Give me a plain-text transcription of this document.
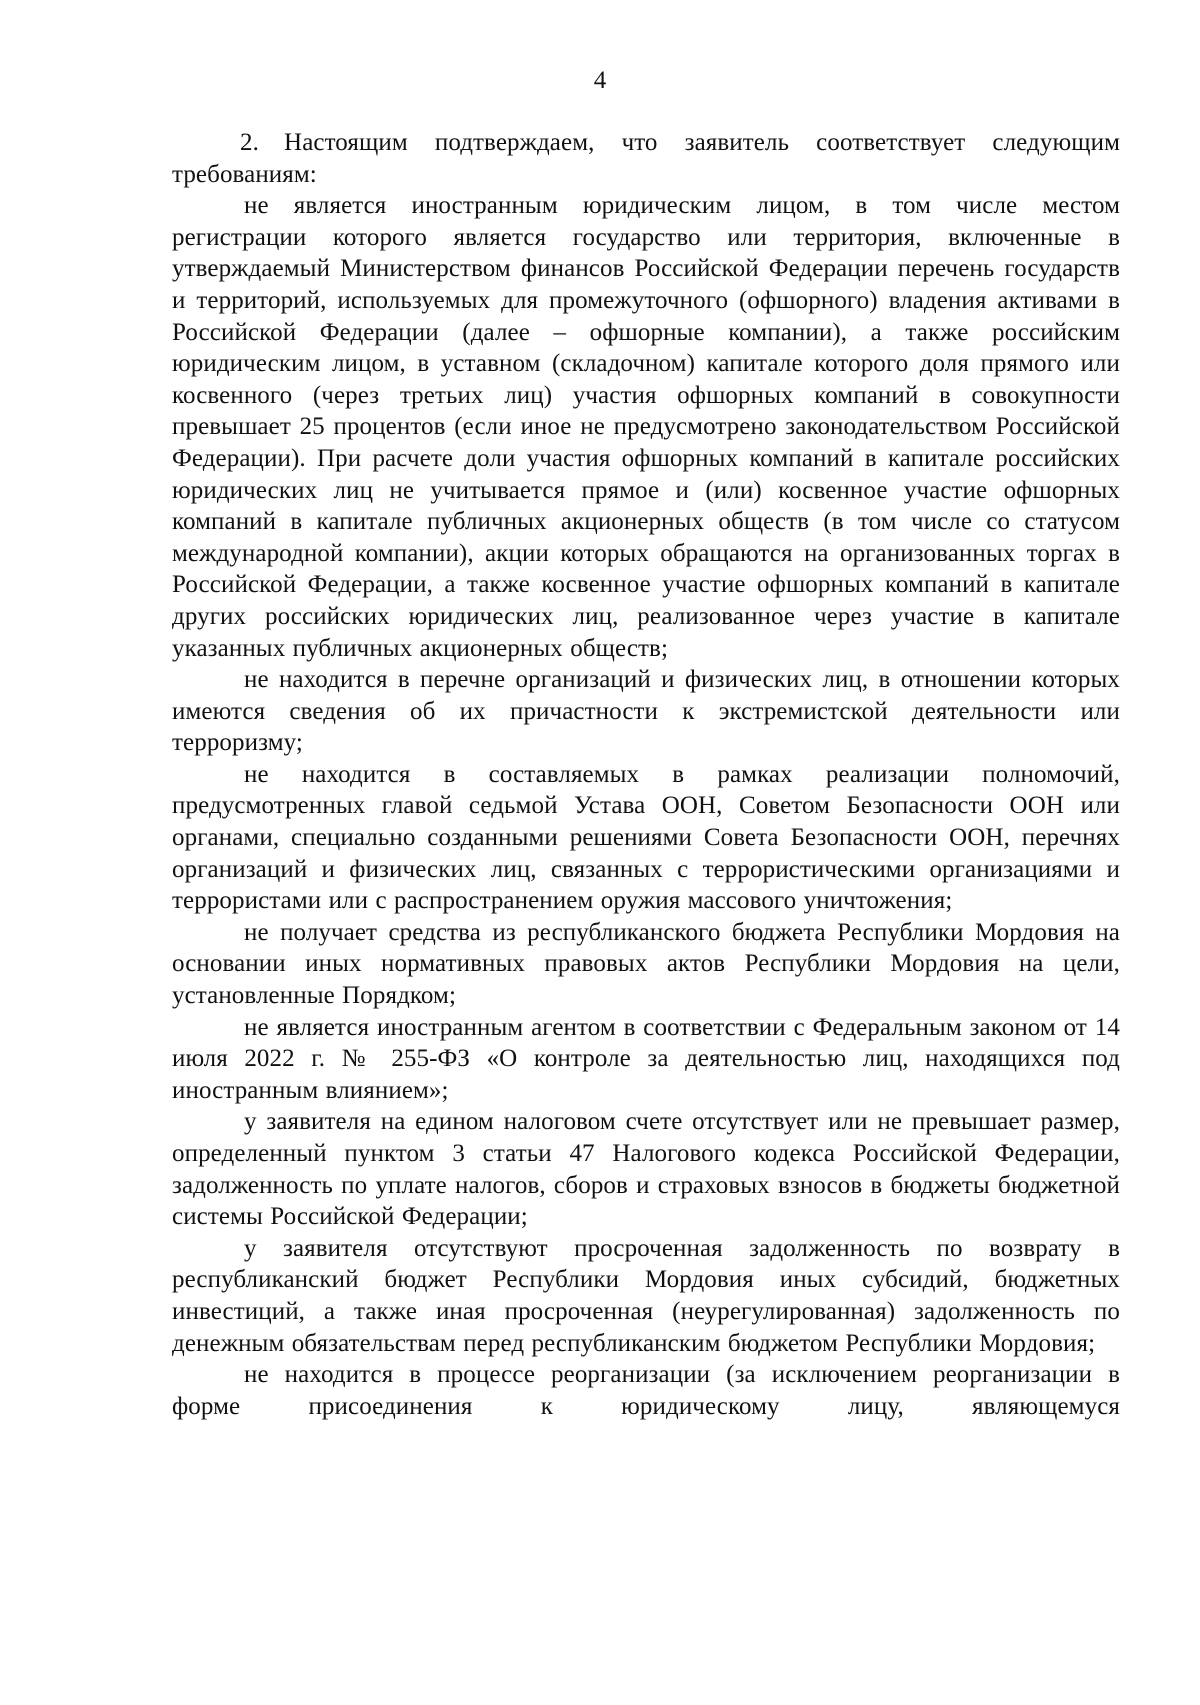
4

2. Настоящим подтверждаем, что заявитель соответствует следующим требованиям:

не является иностранным юридическим лицом, в том числе местом регистрации которого является государство или территория, включенные в утверждаемый Министерством финансов Российской Федерации перечень государств и территорий, используемых для промежуточного (офшорного) владения активами в Российской Федерации (далее – офшорные компании), а также российским юридическим лицом, в уставном (складочном) капитале которого доля прямого или косвенного (через третьих лиц) участия офшорных компаний в совокупности превышает 25 процентов (если иное не предусмотрено законодательством Российской Федерации). При расчете доли участия офшорных компаний в капитале российских юридических лиц не учитывается прямое и (или) косвенное участие офшорных компаний в капитале публичных акционерных обществ (в том числе со статусом международной компании), акции которых обращаются на организованных торгах в Российской Федерации, а также косвенное участие офшорных компаний в капитале других российских юридических лиц, реализованное через участие в капитале указанных публичных акционерных обществ;

не находится в перечне организаций и физических лиц, в отношении которых имеются сведения об их причастности к экстремистской деятельности или терроризму;

не находится в составляемых в рамках реализации полномочий, предусмотренных главой седьмой Устава ООН, Советом Безопасности ООН или органами, специально созданными решениями Совета Безопасности ООН, перечнях организаций и физических лиц, связанных с террористическими организациями и террористами или с распространением оружия массового уничтожения;

не получает средства из республиканского бюджета Республики Мордовия на основании иных нормативных правовых актов Республики Мордовия на цели, установленные Порядком;

не является иностранным агентом в соответствии с Федеральным законом от 14 июля 2022 г. № 255-ФЗ «О контроле за деятельностью лиц, находящихся под иностранным влиянием»;

у заявителя на едином налоговом счете отсутствует или не превышает размер, определенный пунктом 3 статьи 47 Налогового кодекса Российской Федерации, задолженность по уплате налогов, сборов и страховых взносов в бюджеты бюджетной системы Российской Федерации;

у заявителя отсутствуют просроченная задолженность по возврату в республиканский бюджет Республики Мордовия иных субсидий, бюджетных инвестиций, а также иная просроченная (неурегулированная) задолженность по денежным обязательствам перед республиканским бюджетом Республики Мордовия;

не находится в процессе реорганизации (за исключением реорганизации в форме присоединения к юридическому лицу, являющемуся
